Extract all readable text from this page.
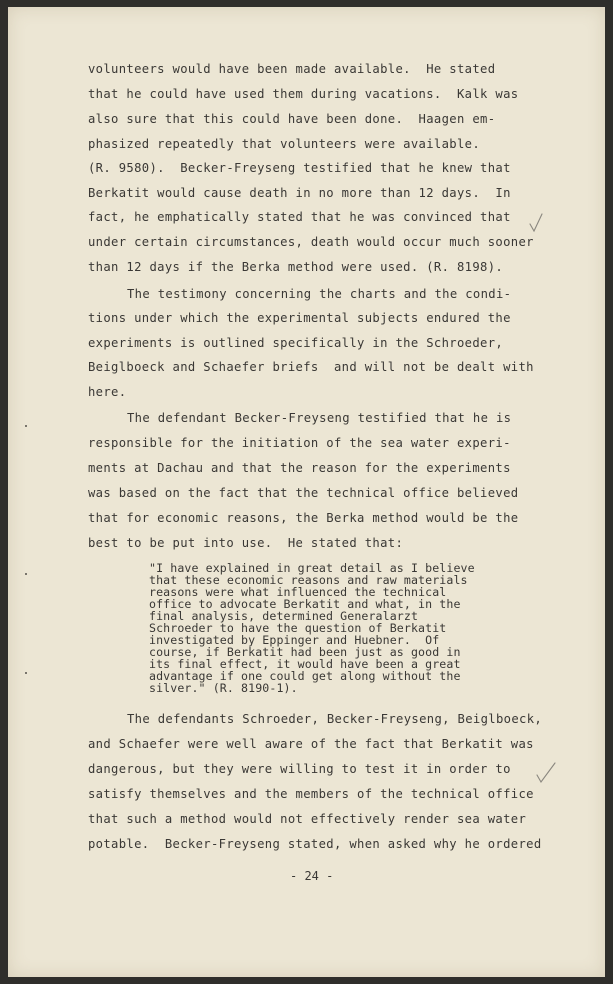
volunteers would have been made available.  He stated
that he could have used them during vacations.  Kalk was
also sure that this could have been done.  Haagen em-
phasized repeatedly that volunteers were available.
(R. 9580).  Becker-Freyseng testified that he knew that
Berkatit would cause death in no more than 12 days.  In
fact, he emphatically stated that he was convinced that
under certain circumstances, death would occur much sooner
than 12 days if the Berka method were used. (R. 8198).
The testimony concerning the charts and the condi-
tions under which the experimental subjects endured the
experiments is outlined specifically in the Schroeder,
Beiglboeck and Schaefer briefs  and will not be dealt with
here.
The defendant Becker-Freyseng testified that he is
responsible for the initiation of the sea water experi-
ments at Dachau and that the reason for the experiments
was based on the fact that the technical office believed
that for economic reasons, the Berka method would be the
best to be put into use.  He stated that:
"I have explained in great detail as I believe
that these economic reasons and raw materials
reasons were what influenced the technical
office to advocate Berkatit and what, in the
final analysis, determined Generalarzt
Schroeder to have the question of Berkatit
investigated by Eppinger and Huebner.  Of
course, if Berkatit had been just as good in
its final effect, it would have been a great
advantage if one could get along without the
silver." (R. 8190-1).
The defendants Schroeder, Becker-Freyseng, Beiglboeck,
and Schaefer were well aware of the fact that Berkatit was
dangerous, but they were willing to test it in order to
satisfy themselves and the members of the technical office
that such a method would not effectively render sea water
potable.  Becker-Freyseng stated, when asked why he ordered
- 24 -
